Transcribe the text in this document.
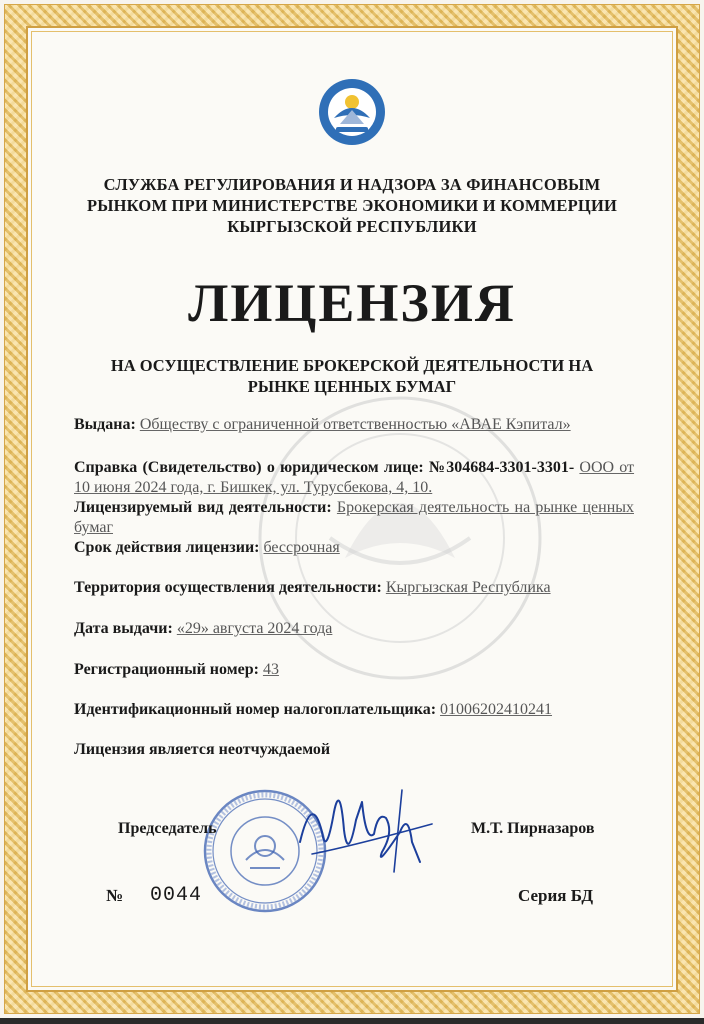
СЛУЖБА РЕГУЛИРОВАНИЯ И НАДЗОРА ЗА ФИНАНСОВЫМ
РЫНКОМ ПРИ МИНИСТЕРСТВЕ ЭКОНОМИКИ И КОММЕРЦИИ
КЫРГЫЗСКОЙ РЕСПУБЛИКИ
ЛИЦЕНЗИЯ
НА ОСУЩЕСТВЛЕНИЕ БРОКЕРСКОЙ ДЕЯТЕЛЬНОСТИ НА
РЫНКЕ ЦЕННЫХ БУМАГ
Выдана: Обществу с ограниченной ответственностью «АВАЕ Кэпитал»
Справка (Свидетельство) о юридическом лице: №304684-3301-3301- ООО от 10 июня 2024 года, г. Бишкек, ул. Турусбекова, 4, 10.
Лицензируемый вид деятельности: Брокерская деятельность на рынке ценных бумаг
Срок действия лицензии: бессрочная
Территория осуществления деятельности: Кыргызская Республика
Дата выдачи: «29» августа 2024 года
Регистрационный номер: 43
Идентификационный номер налогоплательщика: 01006202410241
Лицензия является неотчуждаемой
Председатель	М.Т. Пирназаров
№ 0044	Серия БД
